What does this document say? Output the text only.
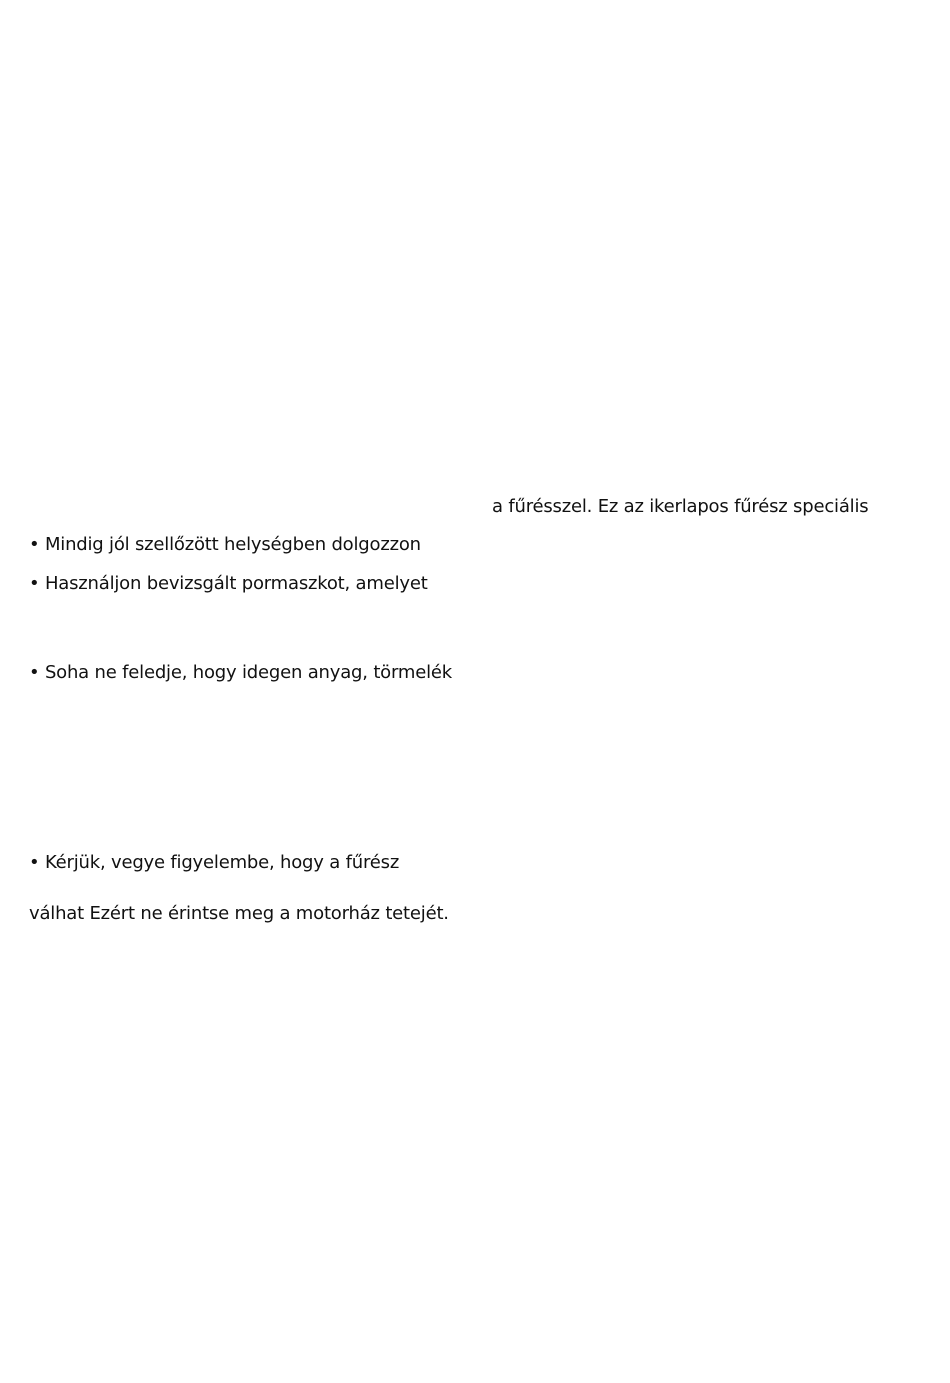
a fűrésszel. Ez az ikerlapos fűrész speciális
• Mindig jól szellőzött helységben dolgozzon
• Használjon bevizsgált pormaszkot, amelyet
• Soha ne feledje, hogy idegen anyag, törmelék
• Kérjük, vegye figyelembe, hogy a fűrész
válhat Ezért ne érintse meg a motorház tetejét.
